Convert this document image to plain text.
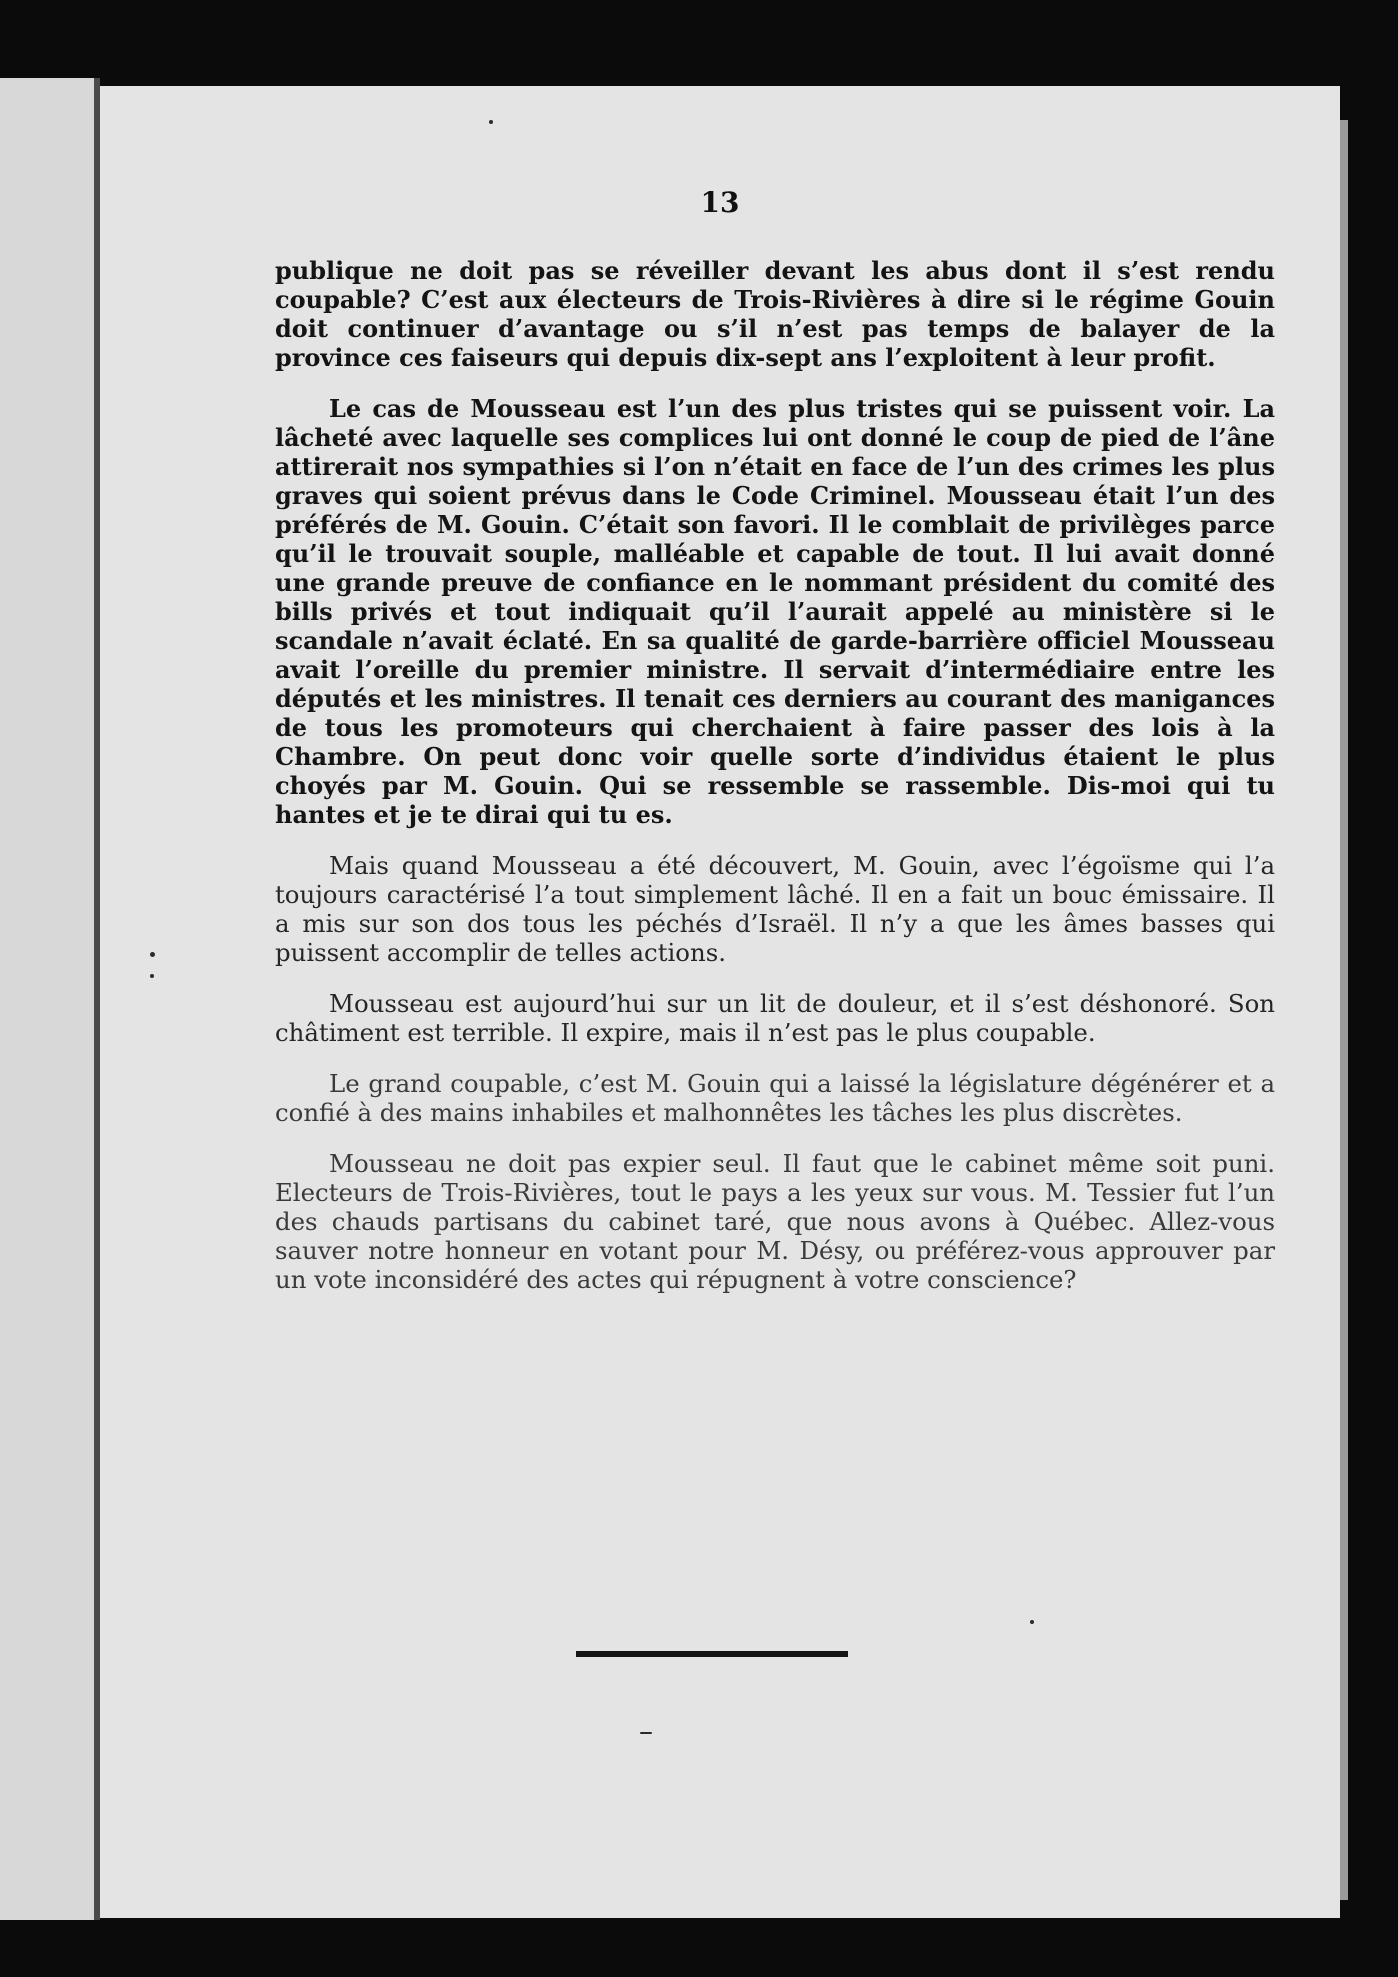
13

publique ne doit pas se réveiller devant les abus dont il s’est rendu coupable? C’est aux électeurs de Trois-Rivières à dire si le régime Gouin doit continuer d’avantage ou s’il n’est pas temps de balayer de la province ces faiseurs qui depuis dix-sept ans l’exploitent à leur profit.

Le cas de Mousseau est l’un des plus tristes qui se puissent voir. La lâcheté avec laquelle ses complices lui ont donné le coup de pied de l’âne attirerait nos sympathies si l’on n’était en face de l’un des crimes les plus graves qui soient prévus dans le Code Criminel. Mousseau était l’un des préférés de M. Gouin. C’était son favori. Il le comblait de privilèges parce qu’il le trouvait souple, malléable et capable de tout. Il lui avait donné une grande preuve de confiance en le nommant président du comité des bills privés et tout indiquait qu’il l’aurait appelé au ministère si le scandale n’avait éclaté. En sa qualité de garde-barrière officiel Mousseau avait l’oreille du premier ministre. Il servait d’intermédiaire entre les députés et les ministres. Il tenait ces derniers au courant des manigances de tous les promoteurs qui cherchaient à faire passer des lois à la Chambre. On peut donc voir quelle sorte d’individus étaient le plus choyés par M. Gouin. Qui se ressemble se rassemble. Dis-moi qui tu hantes et je te dirai qui tu es.

Mais quand Mousseau a été découvert, M. Gouin, avec l’égoïsme qui l’a toujours caractérisé l’a tout simplement lâché. Il en a fait un bouc émissaire. Il a mis sur son dos tous les péchés d’Israël. Il n’y a que les âmes basses qui puissent accomplir de telles actions.

Mousseau est aujourd’hui sur un lit de douleur, et il s’est déshonoré. Son châtiment est terrible. Il expire, mais il n’est pas le plus coupable.

Le grand coupable, c’est M. Gouin qui a laissé la législature dégénérer et a confié à des mains inhabiles et malhonnêtes les tâches les plus discrètes.

Mousseau ne doit pas expier seul. Il faut que le cabinet même soit puni. Electeurs de Trois-Rivières, tout le pays a les yeux sur vous. M. Tessier fut l’un des chauds partisans du cabinet taré, que nous avons à Québec. Allez-vous sauver notre honneur en votant pour M. Désy, ou préférez-vous approuver par un vote inconsidéré des actes qui répugnent à votre conscience?
